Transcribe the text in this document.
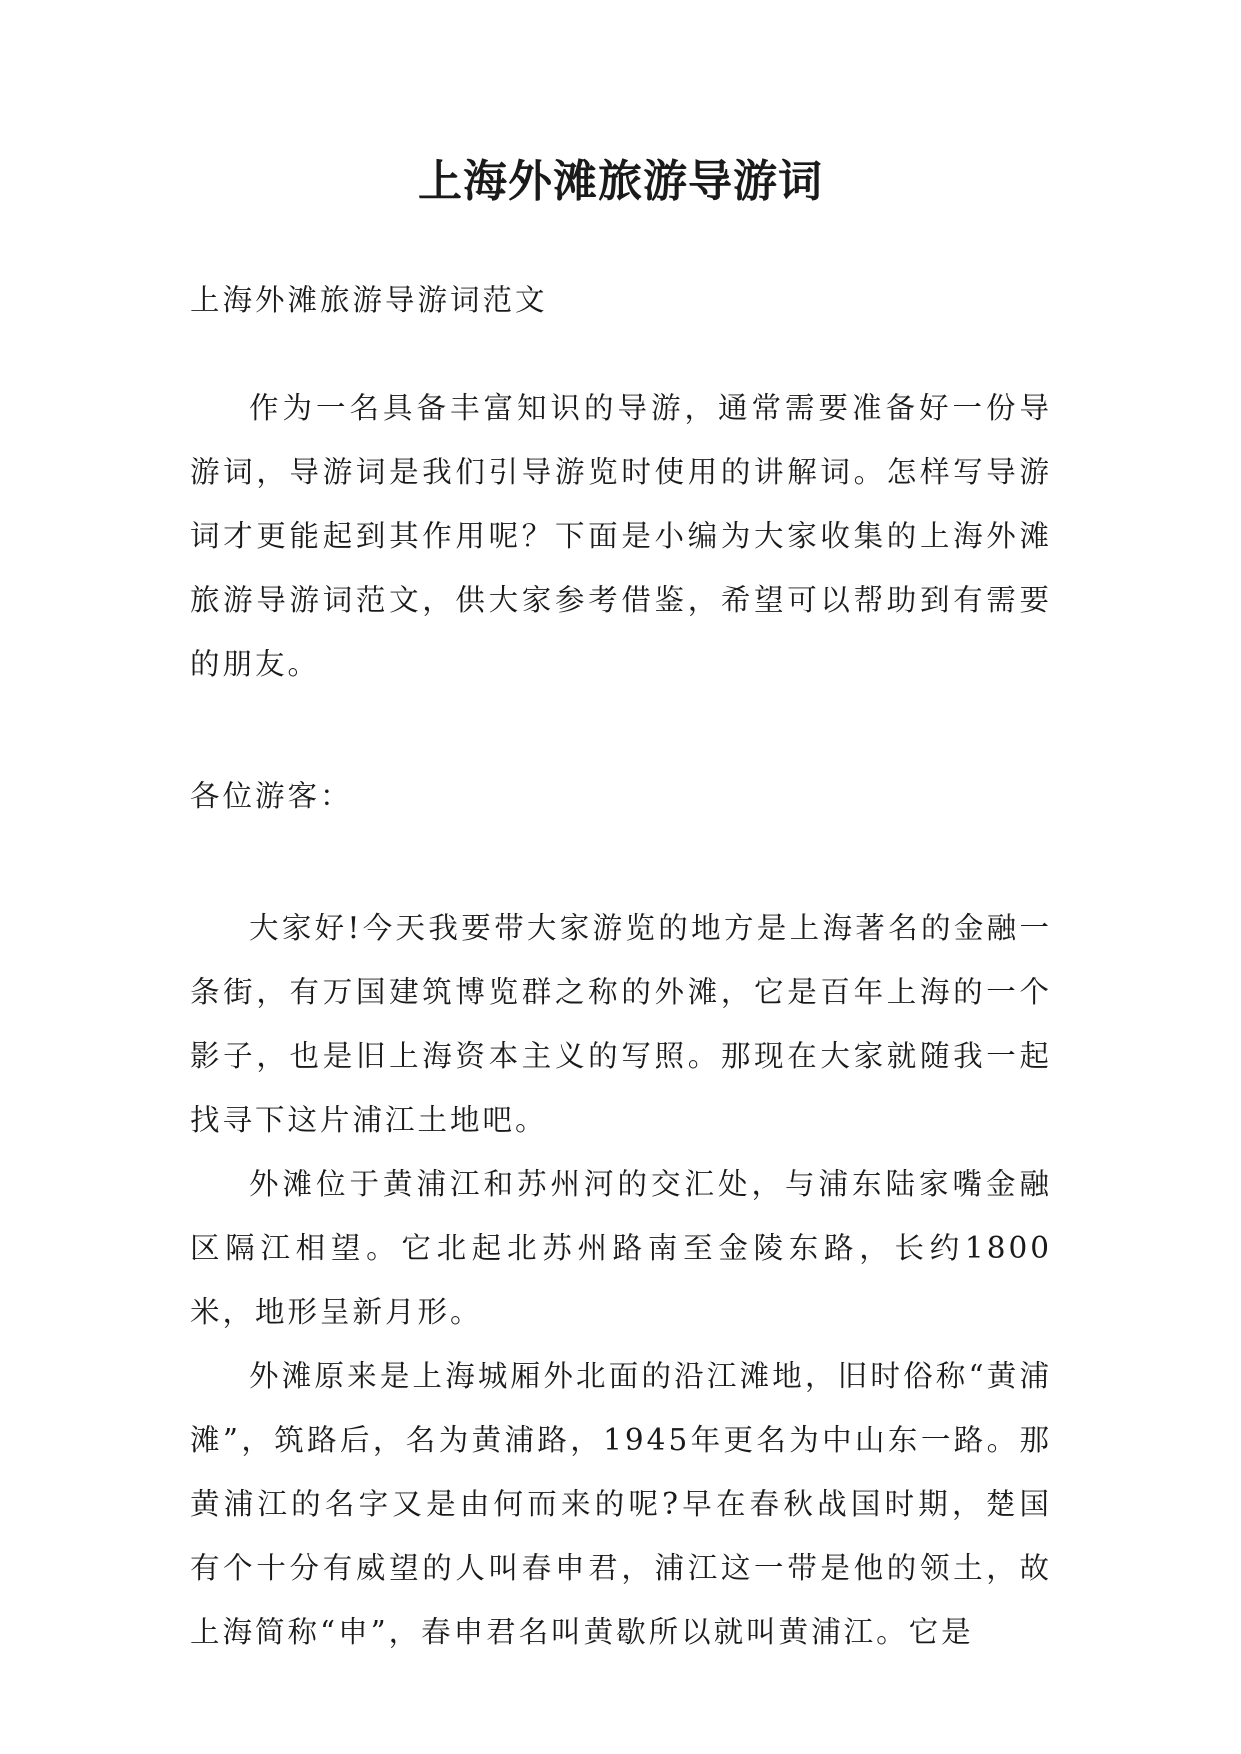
上海外滩旅游导游词

上海外滩旅游导游词范文

作为一名具备丰富知识的导游，通常需要准备好一份导游词，导游词是我们引导游览时使用的讲解词。怎样写导游词才更能起到其作用呢？下面是小编为大家收集的上海外滩旅游导游词范文，供大家参考借鉴，希望可以帮助到有需要的朋友。

各位游客：

大家好!今天我要带大家游览的地方是上海著名的金融一条街，有万国建筑博览群之称的外滩，它是百年上海的一个影子，也是旧上海资本主义的写照。那现在大家就随我一起找寻下这片浦江土地吧。

外滩位于黄浦江和苏州河的交汇处，与浦东陆家嘴金融区隔江相望。它北起北苏州路南至金陵东路，长约1800米，地形呈新月形。

外滩原来是上海城厢外北面的沿江滩地，旧时俗称“黄浦滩”，筑路后，名为黄浦路，1945年更名为中山东一路。那黄浦江的名字又是由何而来的呢?早在春秋战国时期，楚国有个十分有威望的人叫春申君，浦江这一带是他的领土，故上海简称“申”，春申君名叫黄歇所以就叫黄浦江。它是
